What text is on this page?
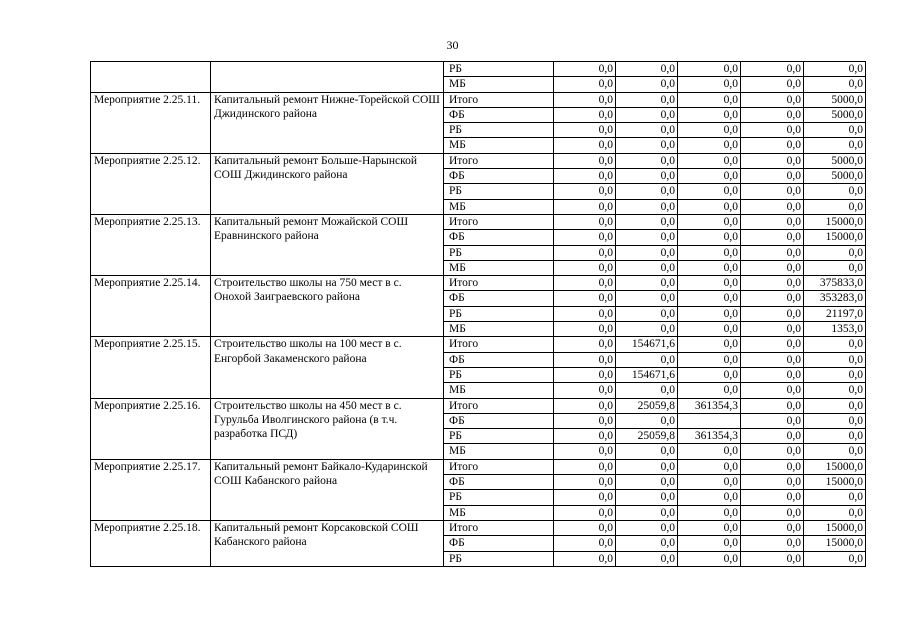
30
		РБ	0,0	0,0	0,0	0,0	0,0
		МБ	0,0	0,0	0,0	0,0	0,0
Мероприятие 2.25.11.	Капитальный ремонт Нижне-Торейской СОШ Джидинского района	Итого	0,0	0,0	0,0	0,0	5000,0
		ФБ	0,0	0,0	0,0	0,0	5000,0
		РБ	0,0	0,0	0,0	0,0	0,0
		МБ	0,0	0,0	0,0	0,0	0,0
Мероприятие 2.25.12.	Капитальный ремонт Больше-Нарынской СОШ Джидинского района	Итого	0,0	0,0	0,0	0,0	5000,0
		ФБ	0,0	0,0	0,0	0,0	5000,0
		РБ	0,0	0,0	0,0	0,0	0,0
		МБ	0,0	0,0	0,0	0,0	0,0
Мероприятие 2.25.13.	Капитальный ремонт Можайской СОШ Еравнинского района	Итого	0,0	0,0	0,0	0,0	15000,0
		ФБ	0,0	0,0	0,0	0,0	15000,0
		РБ	0,0	0,0	0,0	0,0	0,0
		МБ	0,0	0,0	0,0	0,0	0,0
Мероприятие 2.25.14.	Строительство школы на 750 мест в с. Онохой Заиграевского района	Итого	0,0	0,0	0,0	0,0	375833,0
		ФБ	0,0	0,0	0,0	0,0	353283,0
		РБ	0,0	0,0	0,0	0,0	21197,0
		МБ	0,0	0,0	0,0	0,0	1353,0
Мероприятие 2.25.15.	Строительство школы на 100 мест в с. Енгорбой Закаменского района	Итого	0,0	154671,6	0,0	0,0	0,0
		ФБ	0,0	0,0	0,0	0,0	0,0
		РБ	0,0	154671,6	0,0	0,0	0,0
		МБ	0,0	0,0	0,0	0,0	0,0
Мероприятие 2.25.16.	Строительство школы на 450 мест в с. Гурульба Иволгинского района (в т.ч. разработка ПСД)	Итого	0,0	25059,8	361354,3	0,0	0,0
		ФБ	0,0	0,0		0,0	0,0
		РБ	0,0	25059,8	361354,3	0,0	0,0
		МБ	0,0	0,0	0,0	0,0	0,0
Мероприятие 2.25.17.	Капитальный ремонт Байкало-Кударинской СОШ Кабанского района	Итого	0,0	0,0	0,0	0,0	15000,0
		ФБ	0,0	0,0	0,0	0,0	15000,0
		РБ	0,0	0,0	0,0	0,0	0,0
		МБ	0,0	0,0	0,0	0,0	0,0
Мероприятие 2.25.18.	Капитальный ремонт Корсаковской СОШ Кабанского района	Итого	0,0	0,0	0,0	0,0	15000,0
		ФБ	0,0	0,0	0,0	0,0	15000,0
		РБ	0,0	0,0	0,0	0,0	0,0
